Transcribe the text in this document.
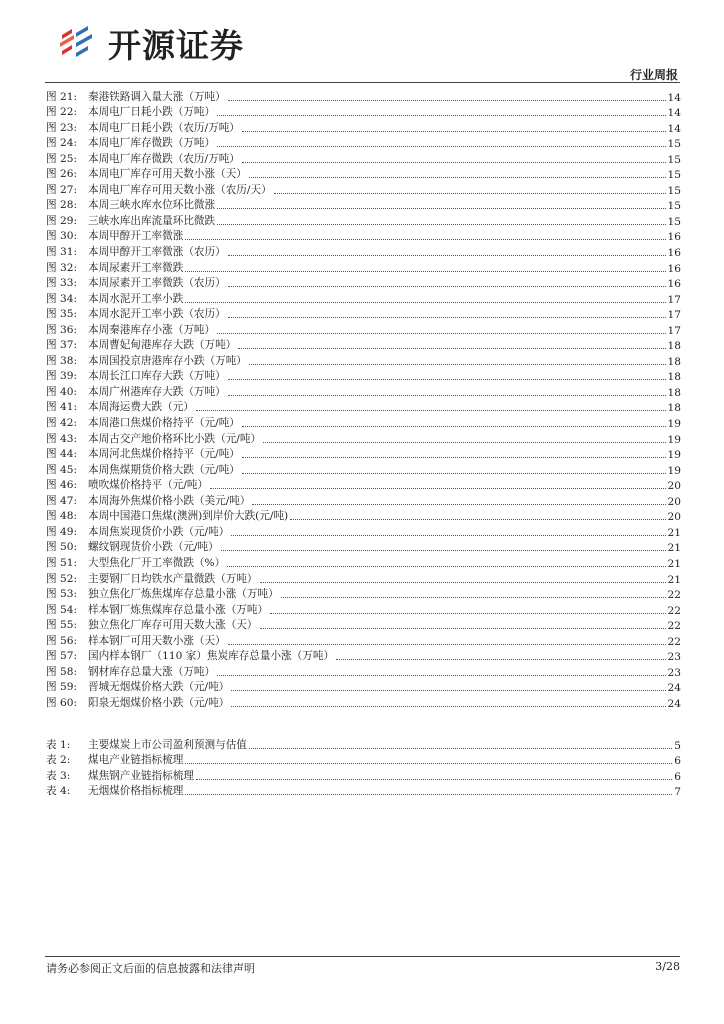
开源证券
行业周报
图 21:	秦港铁路调入量大涨（万吨）	14
图 22:	本周电厂日耗小跌（万吨）	14
图 23:	本周电厂日耗小跌（农历/万吨）	14
图 24:	本周电厂库存微跌（万吨）	15
图 25:	本周电厂库存微跌（农历/万吨）	15
图 26:	本周电厂库存可用天数小涨（天）	15
图 27:	本周电厂库存可用天数小涨（农历/天）	15
图 28:	本周三峡水库水位环比微涨	15
图 29:	三峡水库出库流量环比微跌	15
图 30:	本周甲醇开工率微涨	16
图 31:	本周甲醇开工率微涨（农历）	16
图 32:	本周尿素开工率微跌	16
图 33:	本周尿素开工率微跌（农历）	16
图 34:	本周水泥开工率小跌	17
图 35:	本周水泥开工率小跌（农历）	17
图 36:	本周秦港库存小涨（万吨）	17
图 37:	本周曹妃甸港库存大跌（万吨）	18
图 38:	本周国投京唐港库存小跌（万吨）	18
图 39:	本周长江口库存大跌（万吨）	18
图 40:	本周广州港库存大跌（万吨）	18
图 41:	本周海运费大跌（元）	18
图 42:	本周港口焦煤价格持平（元/吨）	19
图 43:	本周古交产地价格环比小跌（元/吨）	19
图 44:	本周河北焦煤价格持平（元/吨）	19
图 45:	本周焦煤期货价格大跌（元/吨）	19
图 46:	喷吹煤价格持平（元/吨）	20
图 47:	本周海外焦煤价格小跌（美元/吨）	20
图 48:	本周中国港口焦煤(澳洲)到岸价大跌(元/吨)	20
图 49:	本周焦炭现货价小跌（元/吨）	21
图 50:	螺纹钢现货价小跌（元/吨）	21
图 51:	大型焦化厂开工率微跌（%）	21
图 52:	主要钢厂日均铁水产量微跌（万吨）	21
图 53:	独立焦化厂炼焦煤库存总量小涨（万吨）	22
图 54:	样本钢厂炼焦煤库存总量小涨（万吨）	22
图 55:	独立焦化厂库存可用天数大涨（天）	22
图 56:	样本钢厂可用天数小涨（天）	22
图 57:	国内样本钢厂（110 家）焦炭库存总量小涨（万吨）	23
图 58:	钢材库存总量大涨（万吨）	23
图 59:	晋城无烟煤价格大跌（元/吨）	24
图 60:	阳泉无烟煤价格小跌（元/吨）	24
表 1:	主要煤炭上市公司盈利预测与估值	5
表 2:	煤电产业链指标梳理	6
表 3:	煤焦钢产业链指标梳理	6
表 4:	无烟煤价格指标梳理	7
请务必参阅正文后面的信息披露和法律声明	3/28
